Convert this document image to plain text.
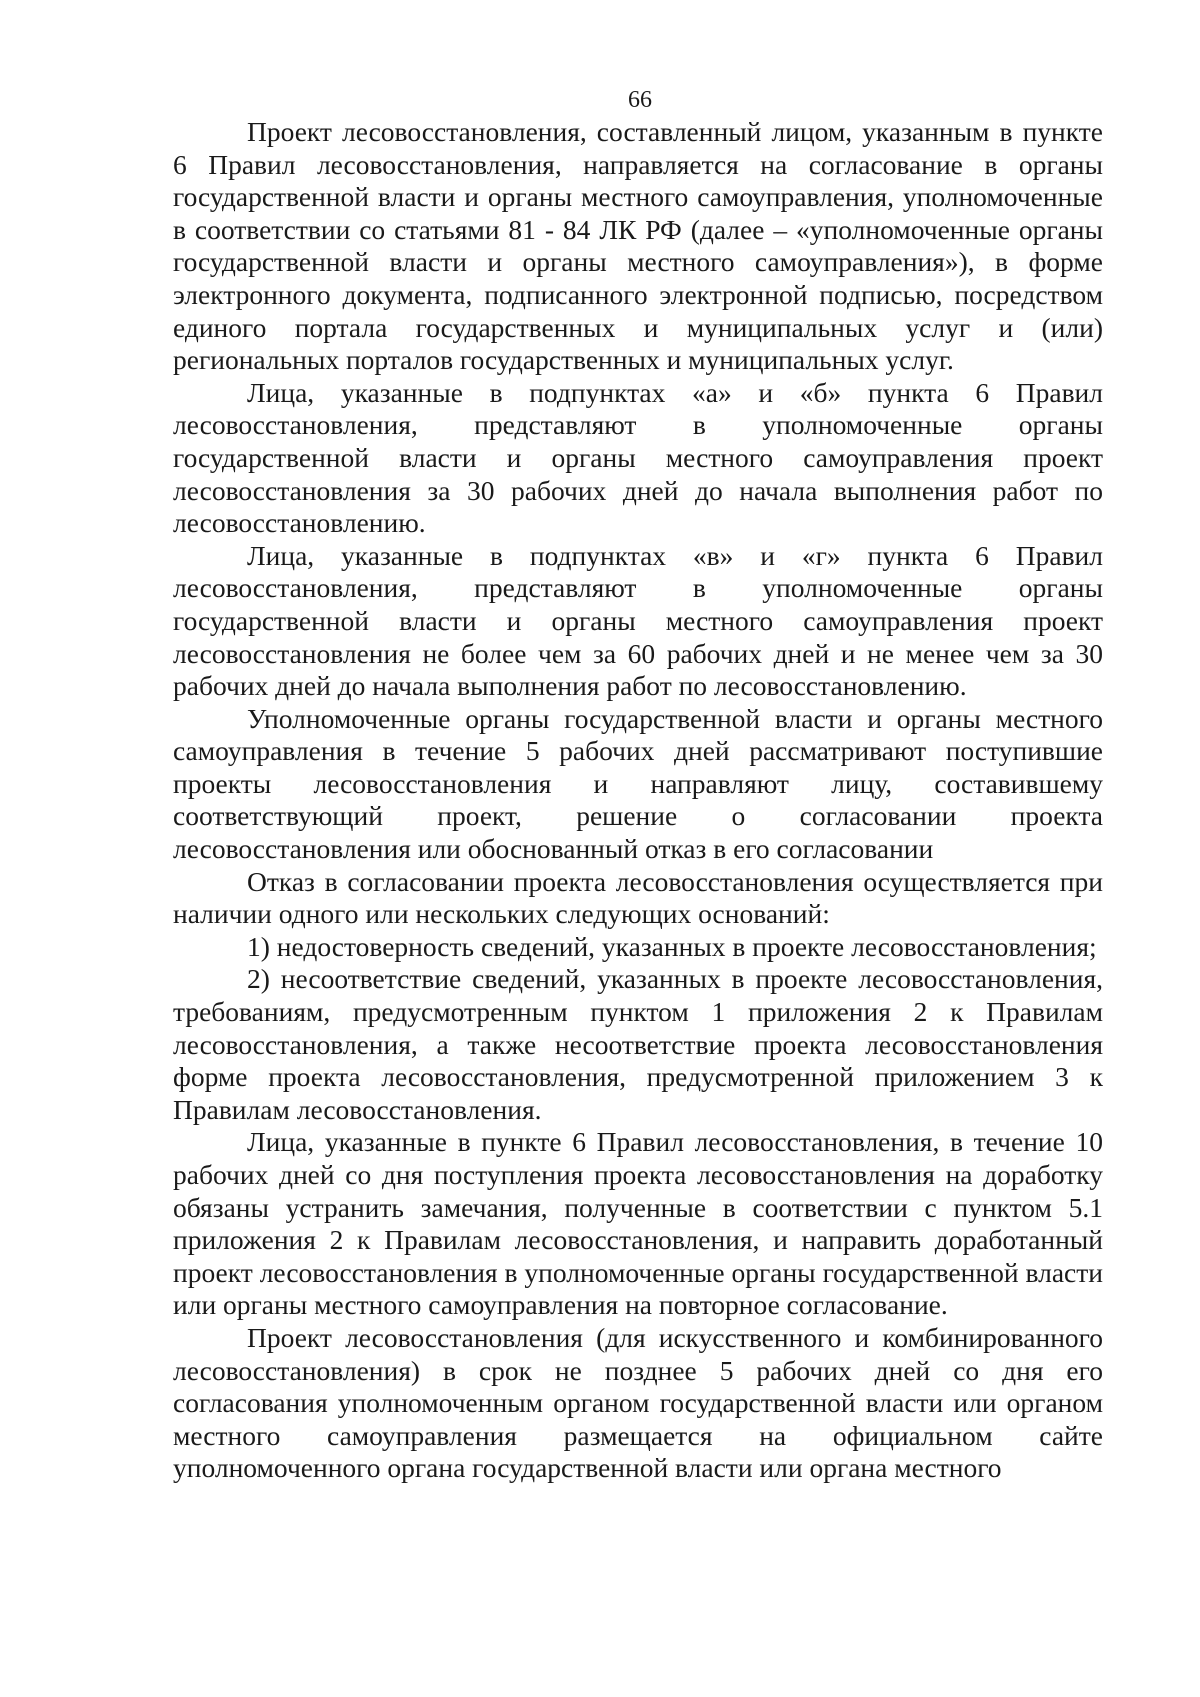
66

Проект лесовосстановления, составленный лицом, указанным в пункте 6 Правил лесовосстановления, направляется на согласование в органы государственной власти и органы местного самоуправления, уполномоченные в соответствии со статьями 81 - 84 ЛК РФ (далее – «уполномоченные органы государственной власти и органы местного самоуправления»), в форме электронного документа, подписанного электронной подписью, посредством единого портала государственных и муниципальных услуг и (или) региональных порталов государственных и муниципальных услуг.

Лица, указанные в подпунктах «а» и «б» пункта 6 Правил лесовосстановления, представляют в уполномоченные органы государственной власти и органы местного самоуправления проект лесовосстановления за 30 рабочих дней до начала выполнения работ по лесовосстановлению.

Лица, указанные в подпунктах «в» и «г» пункта 6 Правил лесовосстановления, представляют в уполномоченные органы государственной власти и органы местного самоуправления проект лесовосстановления не более чем за 60 рабочих дней и не менее чем за 30 рабочих дней до начала выполнения работ по лесовосстановлению.

Уполномоченные органы государственной власти и органы местного самоуправления в течение 5 рабочих дней рассматривают поступившие проекты лесовосстановления и направляют лицу, составившему соответствующий проект, решение о согласовании проекта лесовосстановления или обоснованный отказ в его согласовании

Отказ в согласовании проекта лесовосстановления осуществляется при наличии одного или нескольких следующих оснований:

1) недостоверность сведений, указанных в проекте лесовосстановления;

2) несоответствие сведений, указанных в проекте лесовосстановления, требованиям, предусмотренным пунктом 1 приложения 2 к Правилам лесовосстановления, а также несоответствие проекта лесовосстановления форме проекта лесовосстановления, предусмотренной приложением 3 к Правилам лесовосстановления.

Лица, указанные в пункте 6 Правил лесовосстановления, в течение 10 рабочих дней со дня поступления проекта лесовосстановления на доработку обязаны устранить замечания, полученные в соответствии с пунктом 5.1 приложения 2 к Правилам лесовосстановления, и направить доработанный проект лесовосстановления в уполномоченные органы государственной власти или органы местного самоуправления на повторное согласование.

Проект лесовосстановления (для искусственного и комбинированного лесовосстановления) в срок не позднее 5 рабочих дней со дня его согласования уполномоченным органом государственной власти или органом местного самоуправления размещается на официальном сайте уполномоченного органа государственной власти или органа местного
